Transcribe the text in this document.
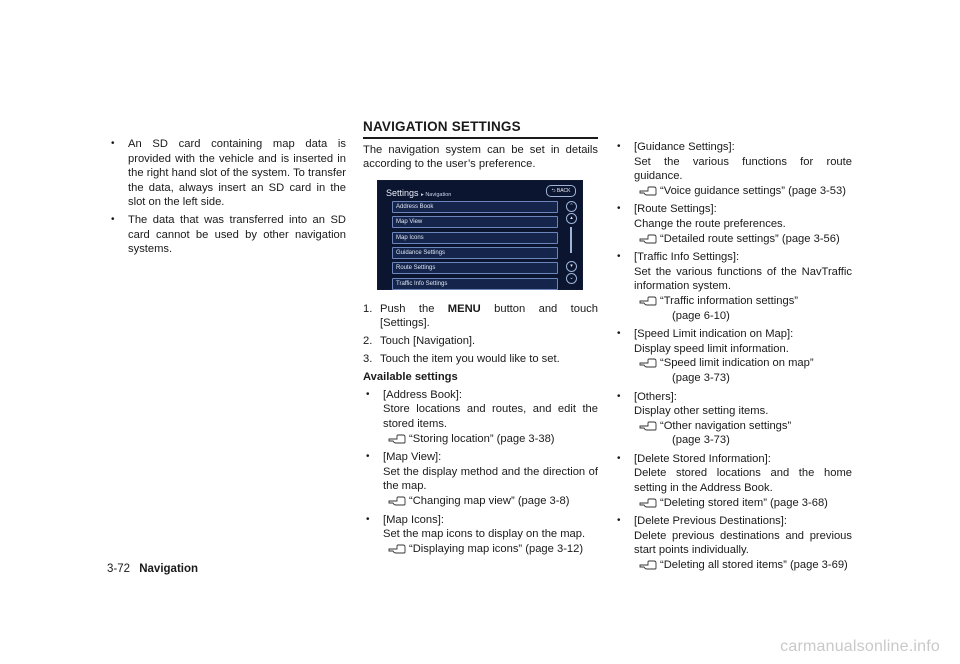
• An SD card containing map data is provided with the vehicle and is inserted in the right hand slot of the system. To transfer the data, always insert an SD card in the slot on the left side.
• The data that was transferred into an SD card cannot be used by other navigation systems.
NAVIGATION SETTINGS
The navigation system can be set in details according to the user’s preference.
Settings ▸ Navigation
⮌ BACK
Address Book
Map View
Map Icons
Guidance Settings
Route Settings
Traffic Info Settings
⌃
▴
▾
⌄
1. Push the MENU button and touch [Settings].
2. Touch [Navigation].
3. Touch the item you would like to set.
Available settings
• [Address Book]:
Store locations and routes, and edit the stored items.
“Storing location” (page 3-38)
• [Map View]:
Set the display method and the direction of the map.
“Changing map view” (page 3-8)
• [Map Icons]:
Set the map icons to display on the map.
“Displaying map icons” (page 3-12)
• [Guidance Settings]:
Set the various functions for route guidance.
“Voice guidance settings” (page 3-53)
• [Route Settings]:
Change the route preferences.
“Detailed route settings” (page 3-56)
• [Traffic Info Settings]:
Set the various functions of the NavTraffic information system.
“Traffic information settings”
(page 6-10)
• [Speed Limit indication on Map]:
Display speed limit information.
“Speed limit indication on map”
(page 3-73)
• [Others]:
Display other setting items.
“Other navigation settings”
(page 3-73)
• [Delete Stored Information]:
Delete stored locations and the home setting in the Address Book.
“Deleting stored item” (page 3-68)
• [Delete Previous Destinations]:
Delete previous destinations and previous start points individually.
“Deleting all stored items” (page 3-69)
3-72 Navigation
carmanualsonline.info
